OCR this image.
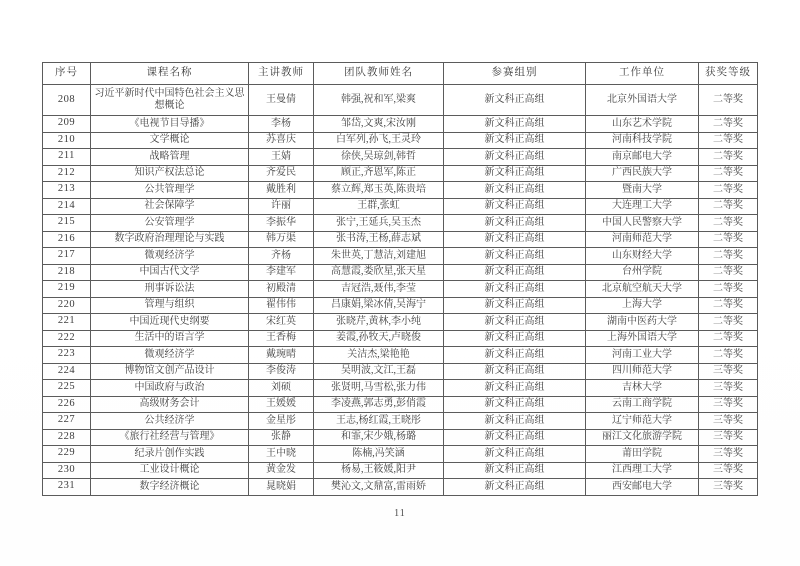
序号	课程名称	主讲教师	团队教师姓名	参赛组别	工作单位	获奖等级
208	习近平新时代中国特色社会主义思想概论	王曼倩	韩强,祝和军,梁爽	新文科正高组	北京外国语大学	二等奖
209	《电视节目导播》	李杨	邹岱,文爽,宋汝刚	新文科正高组	山东艺术学院	二等奖
210	文学概论	苏喜庆	白军列,孙飞,王灵玲	新文科正高组	河南科技学院	二等奖
211	战略管理	王婧	徐侠,吴琼剑,韩哲	新文科正高组	南京邮电大学	二等奖
212	知识产权法总论	齐爱民	顾正,齐恩军,陈正	新文科正高组	广西民族大学	二等奖
213	公共管理学	戴胜利	蔡立辉,郑玉英,陈贵培	新文科正高组	暨南大学	二等奖
214	社会保障学	许丽	王群,张虹	新文科正高组	大连理工大学	二等奖
215	公安管理学	李振华	张宁,王延兵,吴玉杰	新文科正高组	中国人民警察大学	二等奖
216	数字政府治理理论与实践	韩万渠	张书涛,王杨,薛志斌	新文科正高组	河南师范大学	二等奖
217	微观经济学	齐杨	朱世英,丁慧洁,刘建旭	新文科正高组	山东财经大学	二等奖
218	中国古代文学	李建军	高慧霞,娄欣星,张天星	新文科正高组	台州学院	二等奖
219	刑事诉讼法	初殿清	吉冠浩,聂伟,李莹	新文科正高组	北京航空航天大学	二等奖
220	管理与组织	翟伟伟	吕康娟,梁冰倩,吴海宁	新文科正高组	上海大学	二等奖
221	中国近现代史纲要	宋红英	张晓芹,黄林,李小纯	新文科正高组	湖南中医药大学	二等奖
222	生活中的语言学	王香梅	姜霞,孙牧天,卢晓俊	新文科正高组	上海外国语大学	二等奖
223	微观经济学	戴琬晴	关洁杰,梁艳艳	新文科正高组	河南工业大学	二等奖
224	博物馆文创产品设计	李俊涛	吴明波,文江,王磊	新文科正高组	四川师范大学	三等奖
225	中国政府与政治	刘硕	张贤明,马雪松,张力伟	新文科正高组	吉林大学	三等奖
226	高级财务会计	王媛媛	李凌燕,郭志勇,彭俏霞	新文科正高组	云南工商学院	三等奖
227	公共经济学	金星彤	王志,杨红霞,王晓彤	新文科正高组	辽宁师范大学	三等奖
228	《旅行社经营与管理》	张静	和霏,宋少娥,杨璐	新文科正高组	丽江文化旅游学院	三等奖
229	纪录片创作实践	王中晓	陈楠,冯笑涵	新文科正高组	莆田学院	三等奖
230	工业设计概论	黄金发	杨易,王筱媛,阳尹	新文科正高组	江西理工大学	三等奖
231	数字经济概论	晁晓娟	樊沁文,文鼎富,雷雨娇	新文科正高组	西安邮电大学	三等奖
11
